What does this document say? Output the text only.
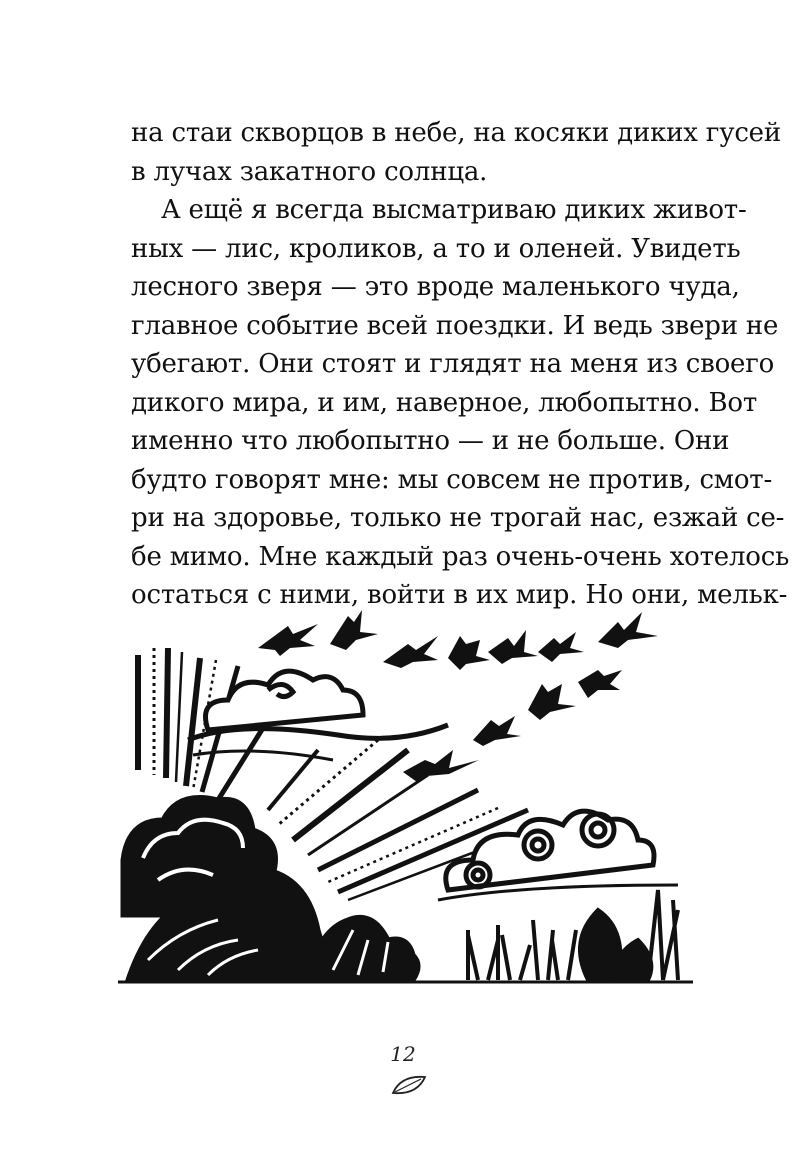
на стаи скворцов в небе, на косяки диких гусей
в лучах закатного солнца.
А ещё я всегда высматриваю диких живот-
ных — лис, кроликов, а то и оленей. Увидеть
лесного зверя — это вроде маленького чуда,
главное событие всей поездки. И ведь звери не
убегают. Они стоят и глядят на меня из своего
дикого мира, и им, наверное, любопытно. Вот
именно что любопытно — и не больше. Они
будто говорят мне: мы совсем не против, смот-
ри на здоровье, только не трогай нас, езжай се-
бе мимо. Мне каждый раз очень-очень хотелось
остаться с ними, войти в их мир. Но они, мельк-
12
